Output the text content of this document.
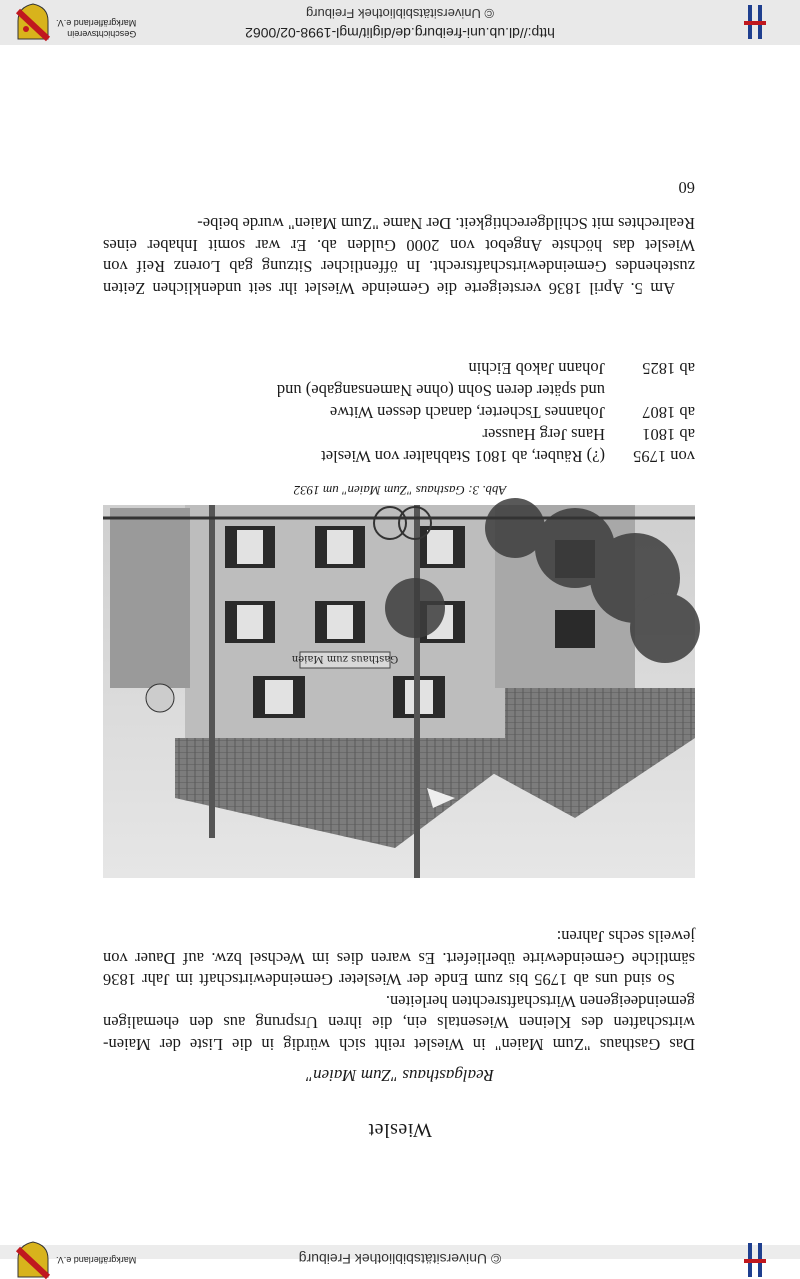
© Universitätsbibliothek Freiburg
Markgräflerland e.V.
Wieslet
Realgasthaus "Zum Maien"

Das Gasthaus "Zum Maien" in Wieslet reiht sich würdig in die Liste der Maien-wirtschaften des Kleinen Wiesentals ein, die ihren Ursprung aus den ehemaligen gemeindeeigenen Wirtschaftsrechten herleiten.

So sind uns ab 1795 bis zum Ende der Wiesleter Gemeindewirtschaft im Jahr 1836 sämtliche Gemeindewirte überliefert. Es waren dies im Wechsel bzw. auf Dauer von jeweils sechs Jahren:

Gasthaus zum Maien
Abb. 3: Gasthaus "Zum Maien" um 1932
von 1795
(?) Räuber, ab 1801 Stabhalter von Wieslet
ab 1801
Hans Jerg Hausser
ab 1807
Johannes Tscherter, danach dessen Witwe
und später deren Sohn (ohne Namensangabe) und
ab 1825
Johann Jakob Eichin

Am 5. April 1836 versteigerte die Gemeinde Wieslet ihr seit undenklichen Zeiten zustehendes Gemeindewirtschaftsrecht. In öffentlicher Sitzung gab Lorenz Reif von Wieslet das höchste Angebot von 2000 Gulden ab. Er war somit Inhaber eines Realrechtes mit Schildgerechtigkeit. Der Name "Zum Maien" wurde beibe-

60
http://dl.ub.uni-freiburg.de/diglit/mgl-1998-02/0062
© Universitätsbibliothek Freiburg
Geschichtsverein
Markgräflerland e.V.
